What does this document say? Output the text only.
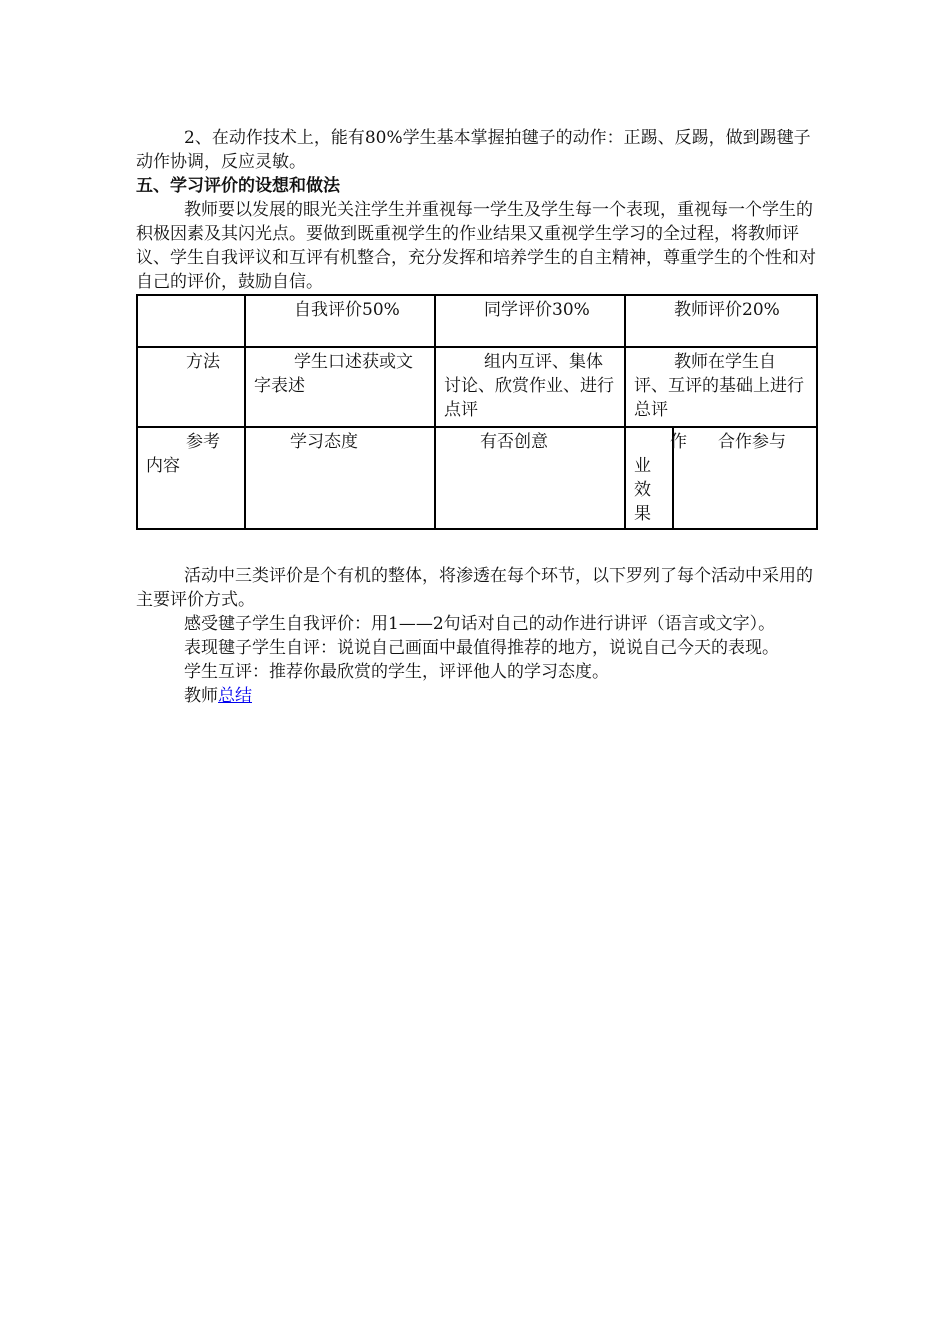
2、在动作技术上，能有80%学生基本掌握拍毽子的动作：正踢、反踢，做到踢毽子动作协调，反应灵敏。

五、学习评价的设想和做法

教师要以发展的眼光关注学生并重视每一学生及学生每一个表现，重视每一个学生的积极因素及其闪光点。要做到既重视学生的作业结果又重视学生学习的全过程，将教师评议、学生自我评议和互评有机整合，充分发挥和培养学生的自主精神，尊重学生的个性和对自己的评价，鼓励自信。

	自我评价50%	同学评价30%	教师评价20%	
方法	学生口述获或文字表述	组内互评、集体讨论、欣赏作业、进行点评	教师在学生自评、互评的基础上进行总评	
参考内容	学习态度	有否创意	作业效果	合作参与

活动中三类评价是个有机的整体，将渗透在每个环节，以下罗列了每个活动中采用的主要评价方式。

感受毽子学生自我评价：用1——2句话对自己的动作进行讲评（语言或文字）。

表现毽子学生自评：说说自己画面中最值得推荐的地方，说说自己今天的表现。

学生互评：推荐你最欣赏的学生，评评他人的学习态度。

教师总结
